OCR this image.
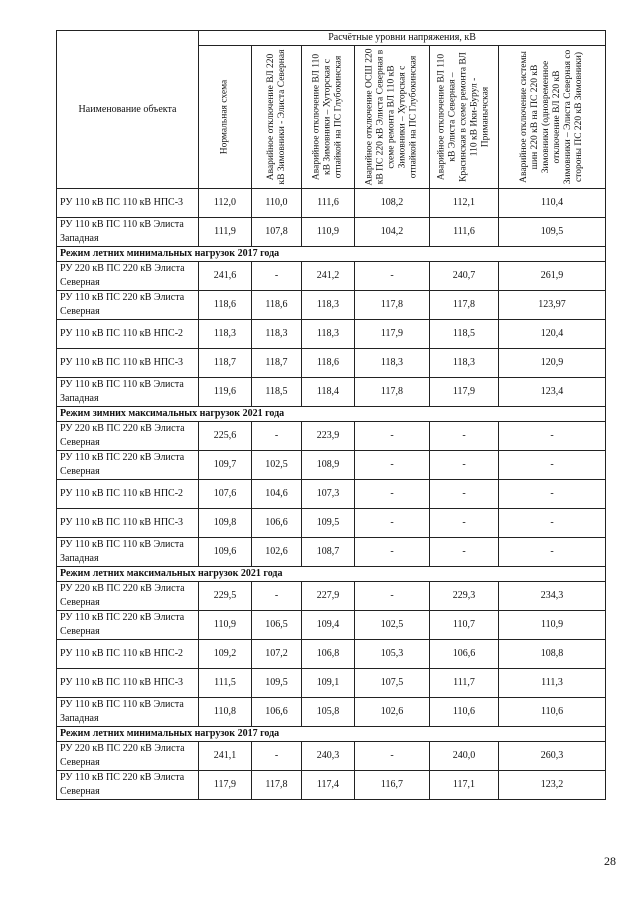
Наименование объекта	Расчётные уровни напряжения, кВ					

	Нормальная схема	Аварийное отключение ВЛ 220 кВ Зимовники - Элиста Северная	Аварийное отключение ВЛ 110 кВ Зимовники – Хуторская с отпайкой на ПС Глубокинская	Аварийное отключение ОСШ 220 кВ ПС 220 кВ Элиста Северная в схеме ремонта ВЛ 110 кВ Зимовники – Хуторская с отпайкой на ПС Глубокинская	Аварийное отключение ВЛ 110 кВ Элиста Северная – Красинская в схеме ремонта ВЛ 110 кВ Ики-Бурул - Приманычская	Аварийное отключение системы шин 220 кВ на ПС 220 кВ Зимовники (одновременное отключение ВЛ 220 кВ Зимовники – Элиста Северная со стороны ПС 220 кВ Зимовники)

РУ 110 кВ ПС 110 кВ НПС-3	112,0	110,0	111,6	108,2	112,1	110,4
РУ 110 кВ ПС 110 кВ Элиста Западная	111,9	107,8	110,9	104,2	111,6	109,5
Режим летних минимальных нагрузок 2017 года						
РУ 220 кВ ПС 220 кВ Элиста Северная	241,6	-	241,2	-	240,7	261,9
РУ 110 кВ ПС 220 кВ Элиста Северная	118,6	118,6	118,3	117,8	117,8	123,97
РУ 110 кВ ПС 110 кВ НПС-2	118,3	118,3	118,3	117,9	118,5	120,4
РУ 110 кВ ПС 110 кВ НПС-3	118,7	118,7	118,6	118,3	118,3	120,9
РУ 110 кВ ПС 110 кВ Элиста Западная	119,6	118,5	118,4	117,8	117,9	123,4
Режим зимних максимальных нагрузок 2021 года						
РУ 220 кВ ПС 220 кВ Элиста Северная	225,6	-	223,9	-	-	-
РУ 110 кВ ПС 220 кВ Элиста Северная	109,7	102,5	108,9	-	-	-
РУ 110 кВ ПС 110 кВ НПС-2	107,6	104,6	107,3	-	-	-
РУ 110 кВ ПС 110 кВ НПС-3	109,8	106,6	109,5	-	-	-
РУ 110 кВ ПС 110 кВ Элиста Западная	109,6	102,6	108,7	-	-	-
Режим летних максимальных нагрузок 2021 года						
РУ 220 кВ ПС 220 кВ Элиста Северная	229,5	-	227,9	-	229,3	234,3
РУ 110 кВ ПС 220 кВ Элиста Северная	110,9	106,5	109,4	102,5	110,7	110,9
РУ 110 кВ ПС 110 кВ НПС-2	109,2	107,2	106,8	105,3	106,6	108,8
РУ 110 кВ ПС 110 кВ НПС-3	111,5	109,5	109,1	107,5	111,7	111,3
РУ 110 кВ ПС 110 кВ Элиста Западная	110,8	106,6	105,8	102,6	110,6	110,6
Режим летних минимальных нагрузок 2017 года						
РУ 220 кВ ПС 220 кВ Элиста Северная	241,1	-	240,3	-	240,0	260,3
РУ 110 кВ ПС 220 кВ Элиста Северная	117,9	117,8	117,4	116,7	117,1	123,2
28
